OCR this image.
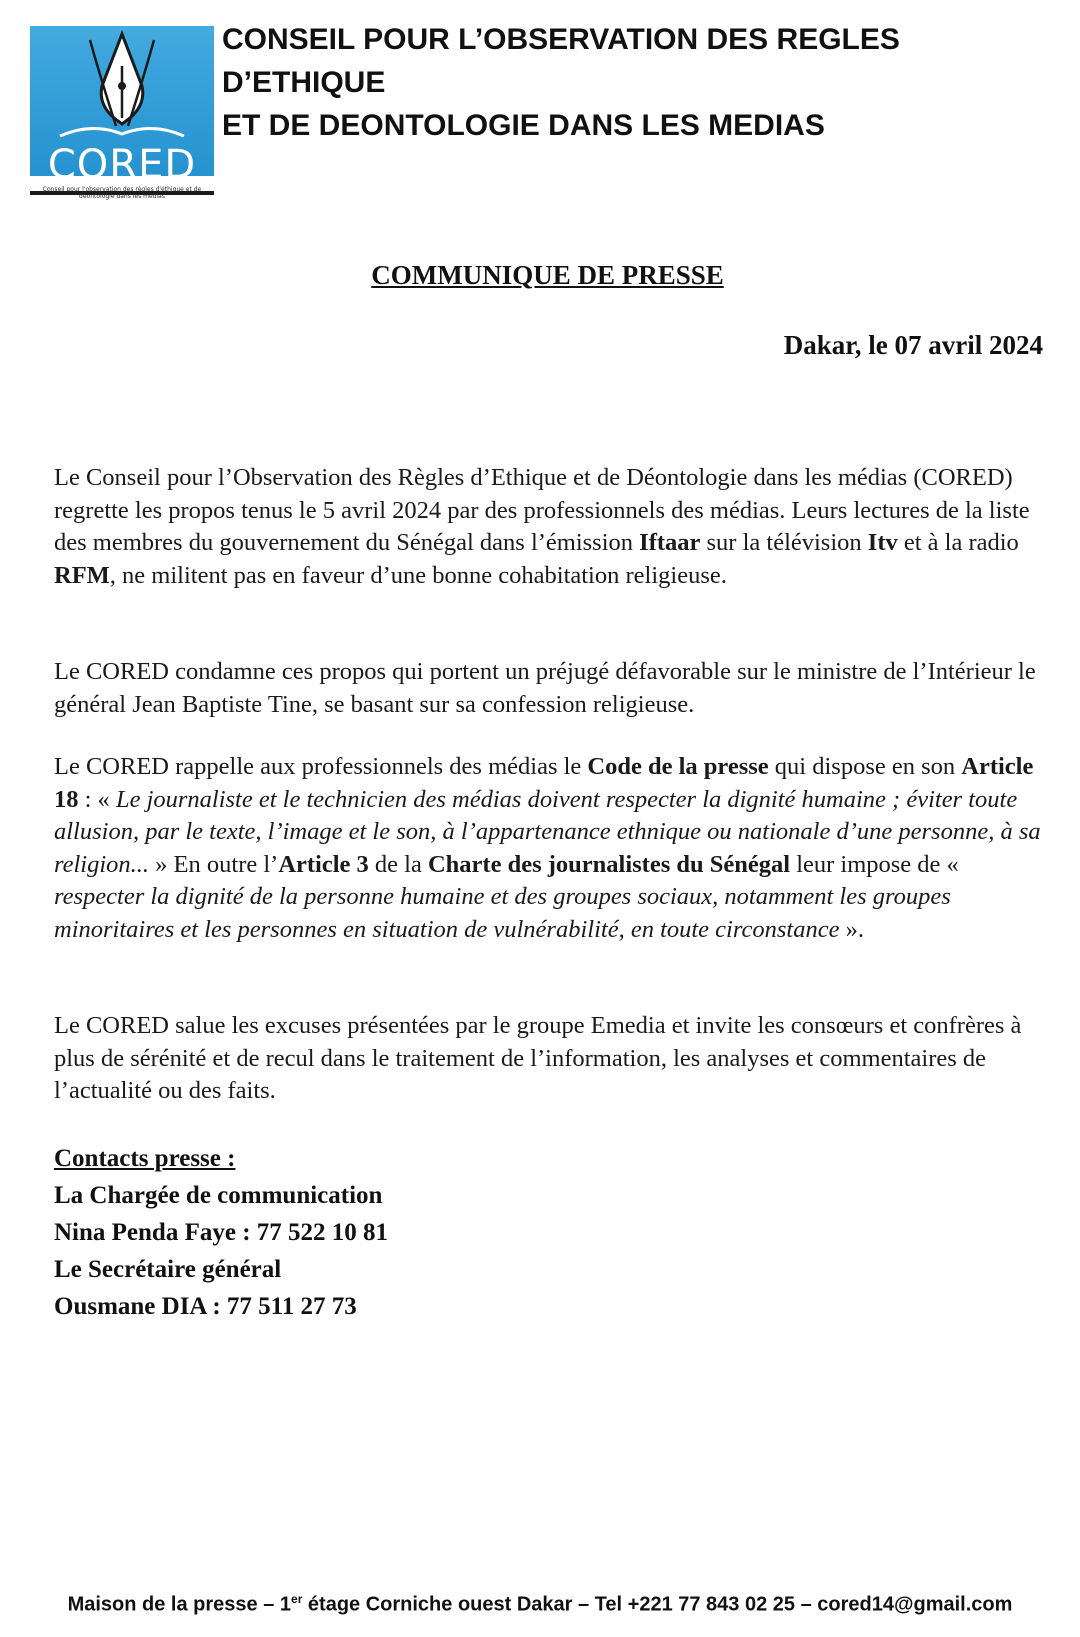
CORED
Conseil pour l'observation des règles d'éthique et de déontologie dans les médias
CONSEIL POUR L’OBSERVATION DES REGLES D’ETHIQUE
ET DE DEONTOLOGIE DANS LES MEDIAS
COMMUNIQUE DE PRESSE
Dakar, le 07 avril 2024
Le Conseil pour l’Observation des Règles d’Ethique et de Déontologie dans les médias (CORED) regrette les propos tenus le 5 avril 2024 par des professionnels des médias. Leurs lectures de la liste des membres du gouvernement du Sénégal dans l’émission Iftaar sur la télévision Itv et à la radio RFM, ne militent pas en faveur d’une bonne cohabitation religieuse.
Le CORED condamne ces propos qui portent un préjugé défavorable sur le ministre de l’Intérieur le général Jean Baptiste Tine, se basant sur sa confession religieuse.
Le CORED rappelle aux professionnels des médias le Code de la presse qui dispose en son Article 18 : « Le journaliste et le technicien des médias doivent respecter la dignité humaine ; éviter toute allusion, par le texte, l’image et le son, à l’appartenance ethnique ou nationale d’une personne, à sa religion... » En outre l’Article 3 de la Charte des journalistes du Sénégal leur impose de « respecter la dignité de la personne humaine et des groupes sociaux, notamment les groupes minoritaires et les personnes en situation de vulnérabilité, en toute circonstance ».
Le CORED salue les excuses présentées par le groupe Emedia et invite les consœurs et confrères à plus de sérénité et de recul dans le traitement de l’information, les analyses et commentaires de l’actualité ou des faits.
Contacts presse :
La Chargée de communication
Nina Penda Faye : 77 522 10 81
Le Secrétaire général
Ousmane DIA : 77 511 27 73
Maison de la presse – 1er étage Corniche ouest Dakar – Tel +221 77 843 02 25 – cored14@gmail.com
